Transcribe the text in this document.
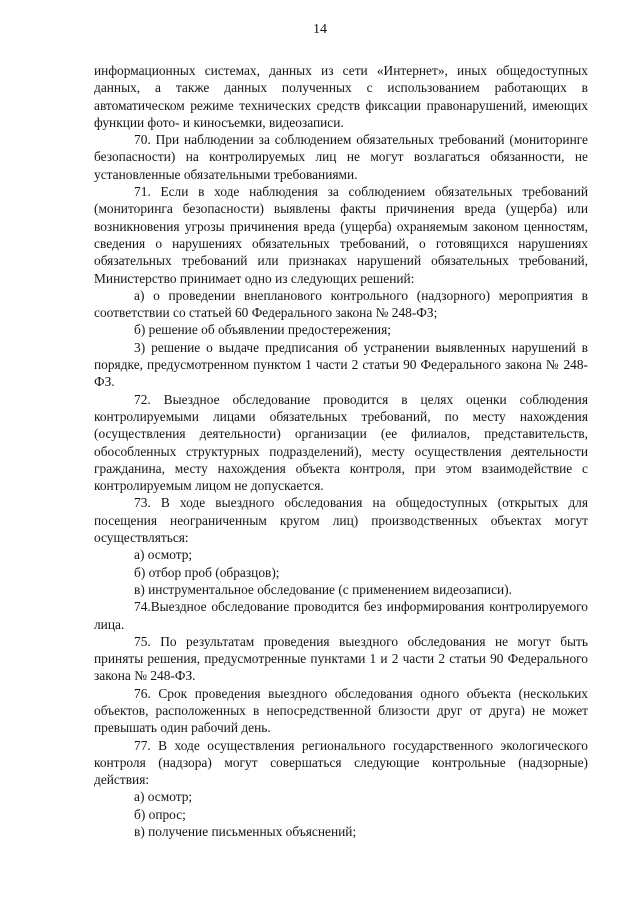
14

информационных системах, данных из сети «Интернет», иных общедоступных данных, а также данных полученных с использованием работающих в автоматическом режиме технических средств фиксации правонарушений, имеющих функции фото- и киносъемки, видеозаписи.

70. При наблюдении за соблюдением обязательных требований (мониторинге безопасности) на контролируемых лиц не могут возлагаться обязанности, не установленные обязательными требованиями.

71. Если в ходе наблюдения за соблюдением обязательных требований (мониторинга безопасности) выявлены факты причинения вреда (ущерба) или возникновения угрозы причинения вреда (ущерба) охраняемым законом ценностям, сведения о нарушениях обязательных требований, о готовящихся нарушениях обязательных требований или признаках нарушений обязательных требований, Министерство принимает одно из следующих решений:

а) о проведении внепланового контрольного (надзорного) мероприятия в соответствии со статьей 60 Федерального закона № 248-ФЗ;

б) решение об объявлении предостережения;

3) решение о выдаче предписания об устранении выявленных нарушений в порядке, предусмотренном пунктом 1 части 2 статьи 90 Федерального закона № 248-ФЗ.

72. Выездное обследование проводится в целях оценки соблюдения контролируемыми лицами обязательных требований, по месту нахождения (осуществления деятельности) организации (ее филиалов, представительств, обособленных структурных подразделений), месту осуществления деятельности гражданина, месту нахождения объекта контроля, при этом взаимодействие с контролируемым лицом не допускается.

73. В ходе выездного обследования на общедоступных (открытых для посещения неограниченным кругом лиц) производственных объектах могут осуществляться:

а) осмотр;

б) отбор проб (образцов);

в) инструментальное обследование (с применением видеозаписи).

74.Выездное обследование проводится без информирования контролируемого лица.

75. По результатам проведения выездного обследования не могут быть приняты решения, предусмотренные пунктами 1 и 2 части 2 статьи 90 Федерального закона № 248-ФЗ.

76. Срок проведения выездного обследования одного объекта (нескольких объектов, расположенных в непосредственной близости друг от друга) не может превышать один рабочий день.

77. В ходе осуществления регионального государственного экологического контроля (надзора) могут совершаться следующие контрольные (надзорные) действия:

а) осмотр;

б) опрос;

в) получение письменных объяснений;
